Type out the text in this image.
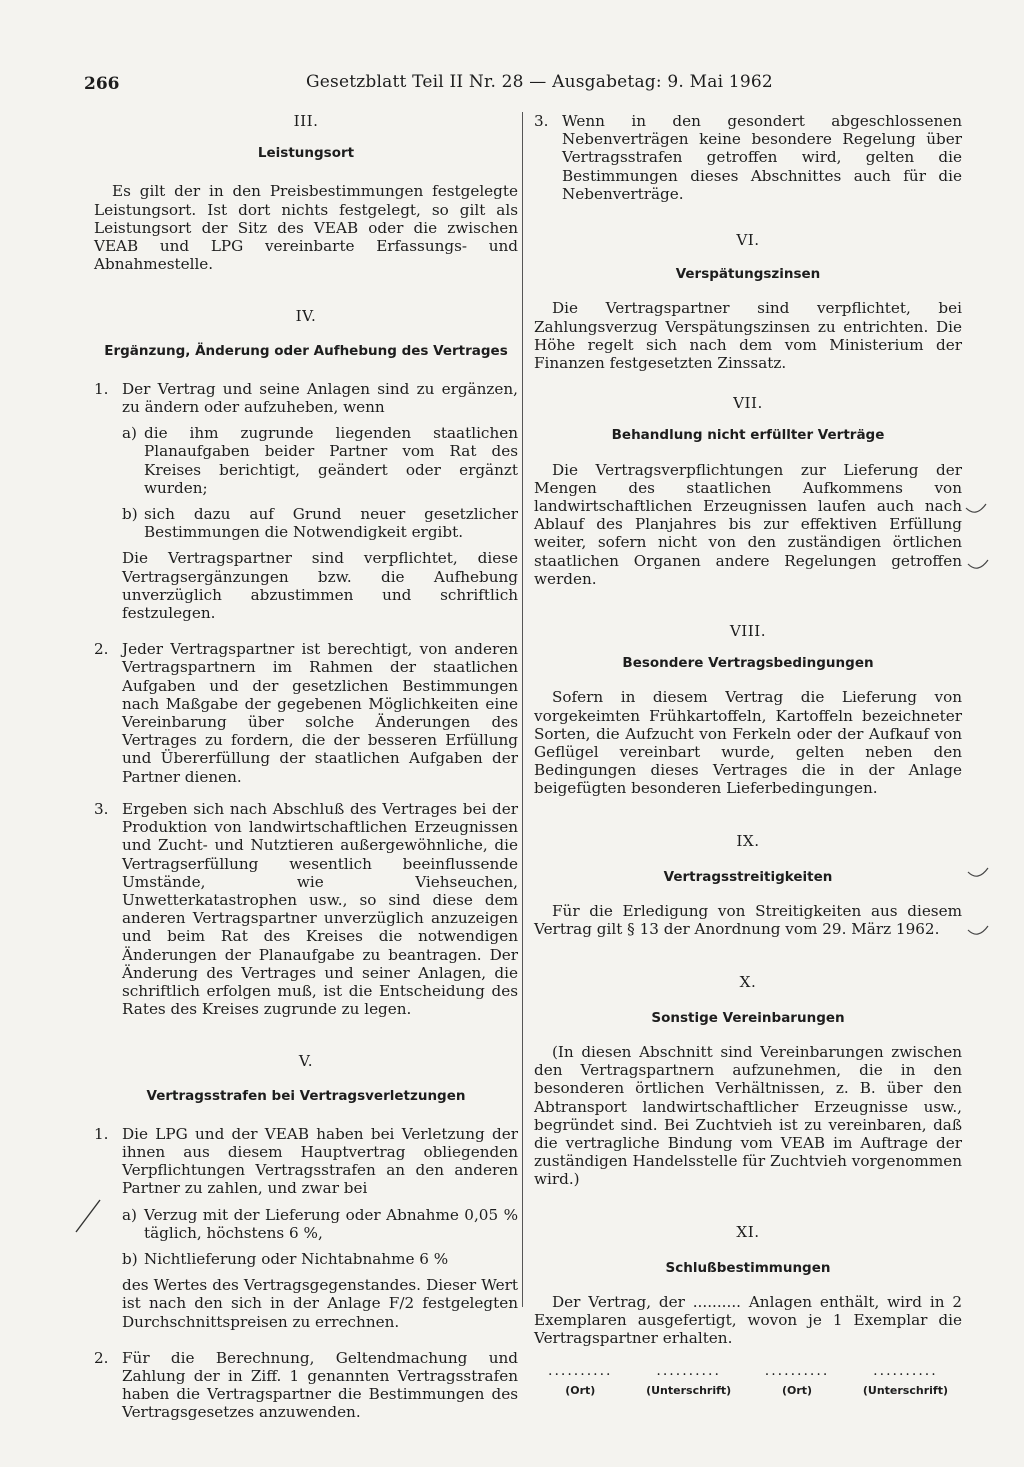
266	Gesetzblatt Teil II Nr. 28 — Ausgabetag: 9. Mai 1962
III.
Leistungsort

Es gilt der in den Preisbestimmungen festgelegte Leistungsort. Ist dort nichts festgelegt, so gilt als Leistungsort der Sitz des VEAB oder die zwischen VEAB und LPG vereinbarte Erfassungs- und Abnahmestelle.

IV.
Ergänzung, Änderung oder Aufhebung des Vertrages
1. Der Vertrag und seine Anlagen sind zu ergänzen, zu ändern oder aufzuheben, wenn

a) die ihm zugrunde liegenden staatlichen Planaufgaben beider Partner vom Rat des Kreises berichtigt, geändert oder ergänzt wurden;

b) sich dazu auf Grund neuer gesetzlicher Bestimmungen die Notwendigkeit ergibt.

Die Vertragspartner sind verpflichtet, diese Vertragsergänzungen bzw. die Aufhebung unverzüglich abzustimmen und schriftlich festzulegen.

2. Jeder Vertragspartner ist berechtigt, von anderen Vertragspartnern im Rahmen der staatlichen Aufgaben und der gesetzlichen Bestimmungen nach Maßgabe der gegebenen Möglichkeiten eine Vereinbarung über solche Änderungen des Vertrages zu fordern, die der besseren Erfüllung und Übererfüllung der staatlichen Aufgaben der Partner dienen.

3. Ergeben sich nach Abschluß des Vertrages bei der Produktion von landwirtschaftlichen Erzeugnissen und Zucht- und Nutztieren außergewöhnliche, die Vertragserfüllung wesentlich beeinflussende Umstände, wie Viehseuchen, Unwetterkatastrophen usw., so sind diese dem anderen Vertragspartner unverzüglich anzuzeigen und beim Rat des Kreises die notwendigen Änderungen der Planaufgabe zu beantragen. Der Änderung des Vertrages und seiner Anlagen, die schriftlich erfolgen muß, ist die Entscheidung des Rates des Kreises zugrunde zu legen.

V.
Vertragsstrafen bei Vertragsverletzungen
1. Die LPG und der VEAB haben bei Verletzung der ihnen aus diesem Hauptvertrag obliegenden Verpflichtungen Vertragsstrafen an den anderen Partner zu zahlen, und zwar bei

a) Verzug mit der Lieferung oder Abnahme 0,05 % täglich, höchstens 6 %,

b) Nichtlieferung oder Nichtabnahme 6 %

des Wertes des Vertragsgegenstandes. Dieser Wert ist nach den sich in der Anlage F/2 festgelegten Durchschnittspreisen zu errechnen.

2. Für die Berechnung, Geltendmachung und Zahlung der in Ziff. 1 genannten Vertragsstrafen haben die Vertragspartner die Bestimmungen des Vertragsgesetzes anzuwenden.

3. Wenn in den gesondert abgeschlossenen Nebenverträgen keine besondere Regelung über Vertragsstrafen getroffen wird, gelten die Bestimmungen dieses Abschnittes auch für die Nebenverträge.

VI.
Verspätungszinsen

Die Vertragspartner sind verpflichtet, bei Zahlungsverzug Verspätungszinsen zu entrichten. Die Höhe regelt sich nach dem vom Ministerium der Finanzen festgesetzten Zinssatz.

VII.
Behandlung nicht erfüllter Verträge

Die Vertragsverpflichtungen zur Lieferung der Mengen des staatlichen Aufkommens von landwirtschaftlichen Erzeugnissen laufen auch nach Ablauf des Planjahres bis zur effektiven Erfüllung weiter, sofern nicht von den zuständigen örtlichen staatlichen Organen andere Regelungen getroffen werden.

VIII.
Besondere Vertragsbedingungen

Sofern in diesem Vertrag die Lieferung von vorgekeimten Frühkartoffeln, Kartoffeln bezeichneter Sorten, die Aufzucht von Ferkeln oder der Aufkauf von Geflügel vereinbart wurde, gelten neben den Bedingungen dieses Vertrages die in der Anlage beigefügten besonderen Lieferbedingungen.

IX.
Vertragsstreitigkeiten

Für die Erledigung von Streitigkeiten aus diesem Vertrag gilt § 13 der Anordnung vom 29. März 1962.

X.
Sonstige Vereinbarungen

(In diesen Abschnitt sind Vereinbarungen zwischen den Vertragspartnern aufzunehmen, die in den besonderen örtlichen Verhältnissen, z. B. über den Abtransport landwirtschaftlicher Erzeugnisse usw., begründet sind. Bei Zuchtvieh ist zu vereinbaren, daß die vertragliche Bindung vom VEAB im Auftrage der zuständigen Handelsstelle für Zuchtvieh vorgenommen wird.)

XI.
Schlußbestimmungen

Der Vertrag, der .......... Anlagen enthält, wird in 2 Exemplaren ausgefertigt, wovon je 1 Exemplar die Vertragspartner erhalten.

..........
(Ort)
..........
(Unterschrift)
..........
(Ort)
..........
(Unterschrift)
